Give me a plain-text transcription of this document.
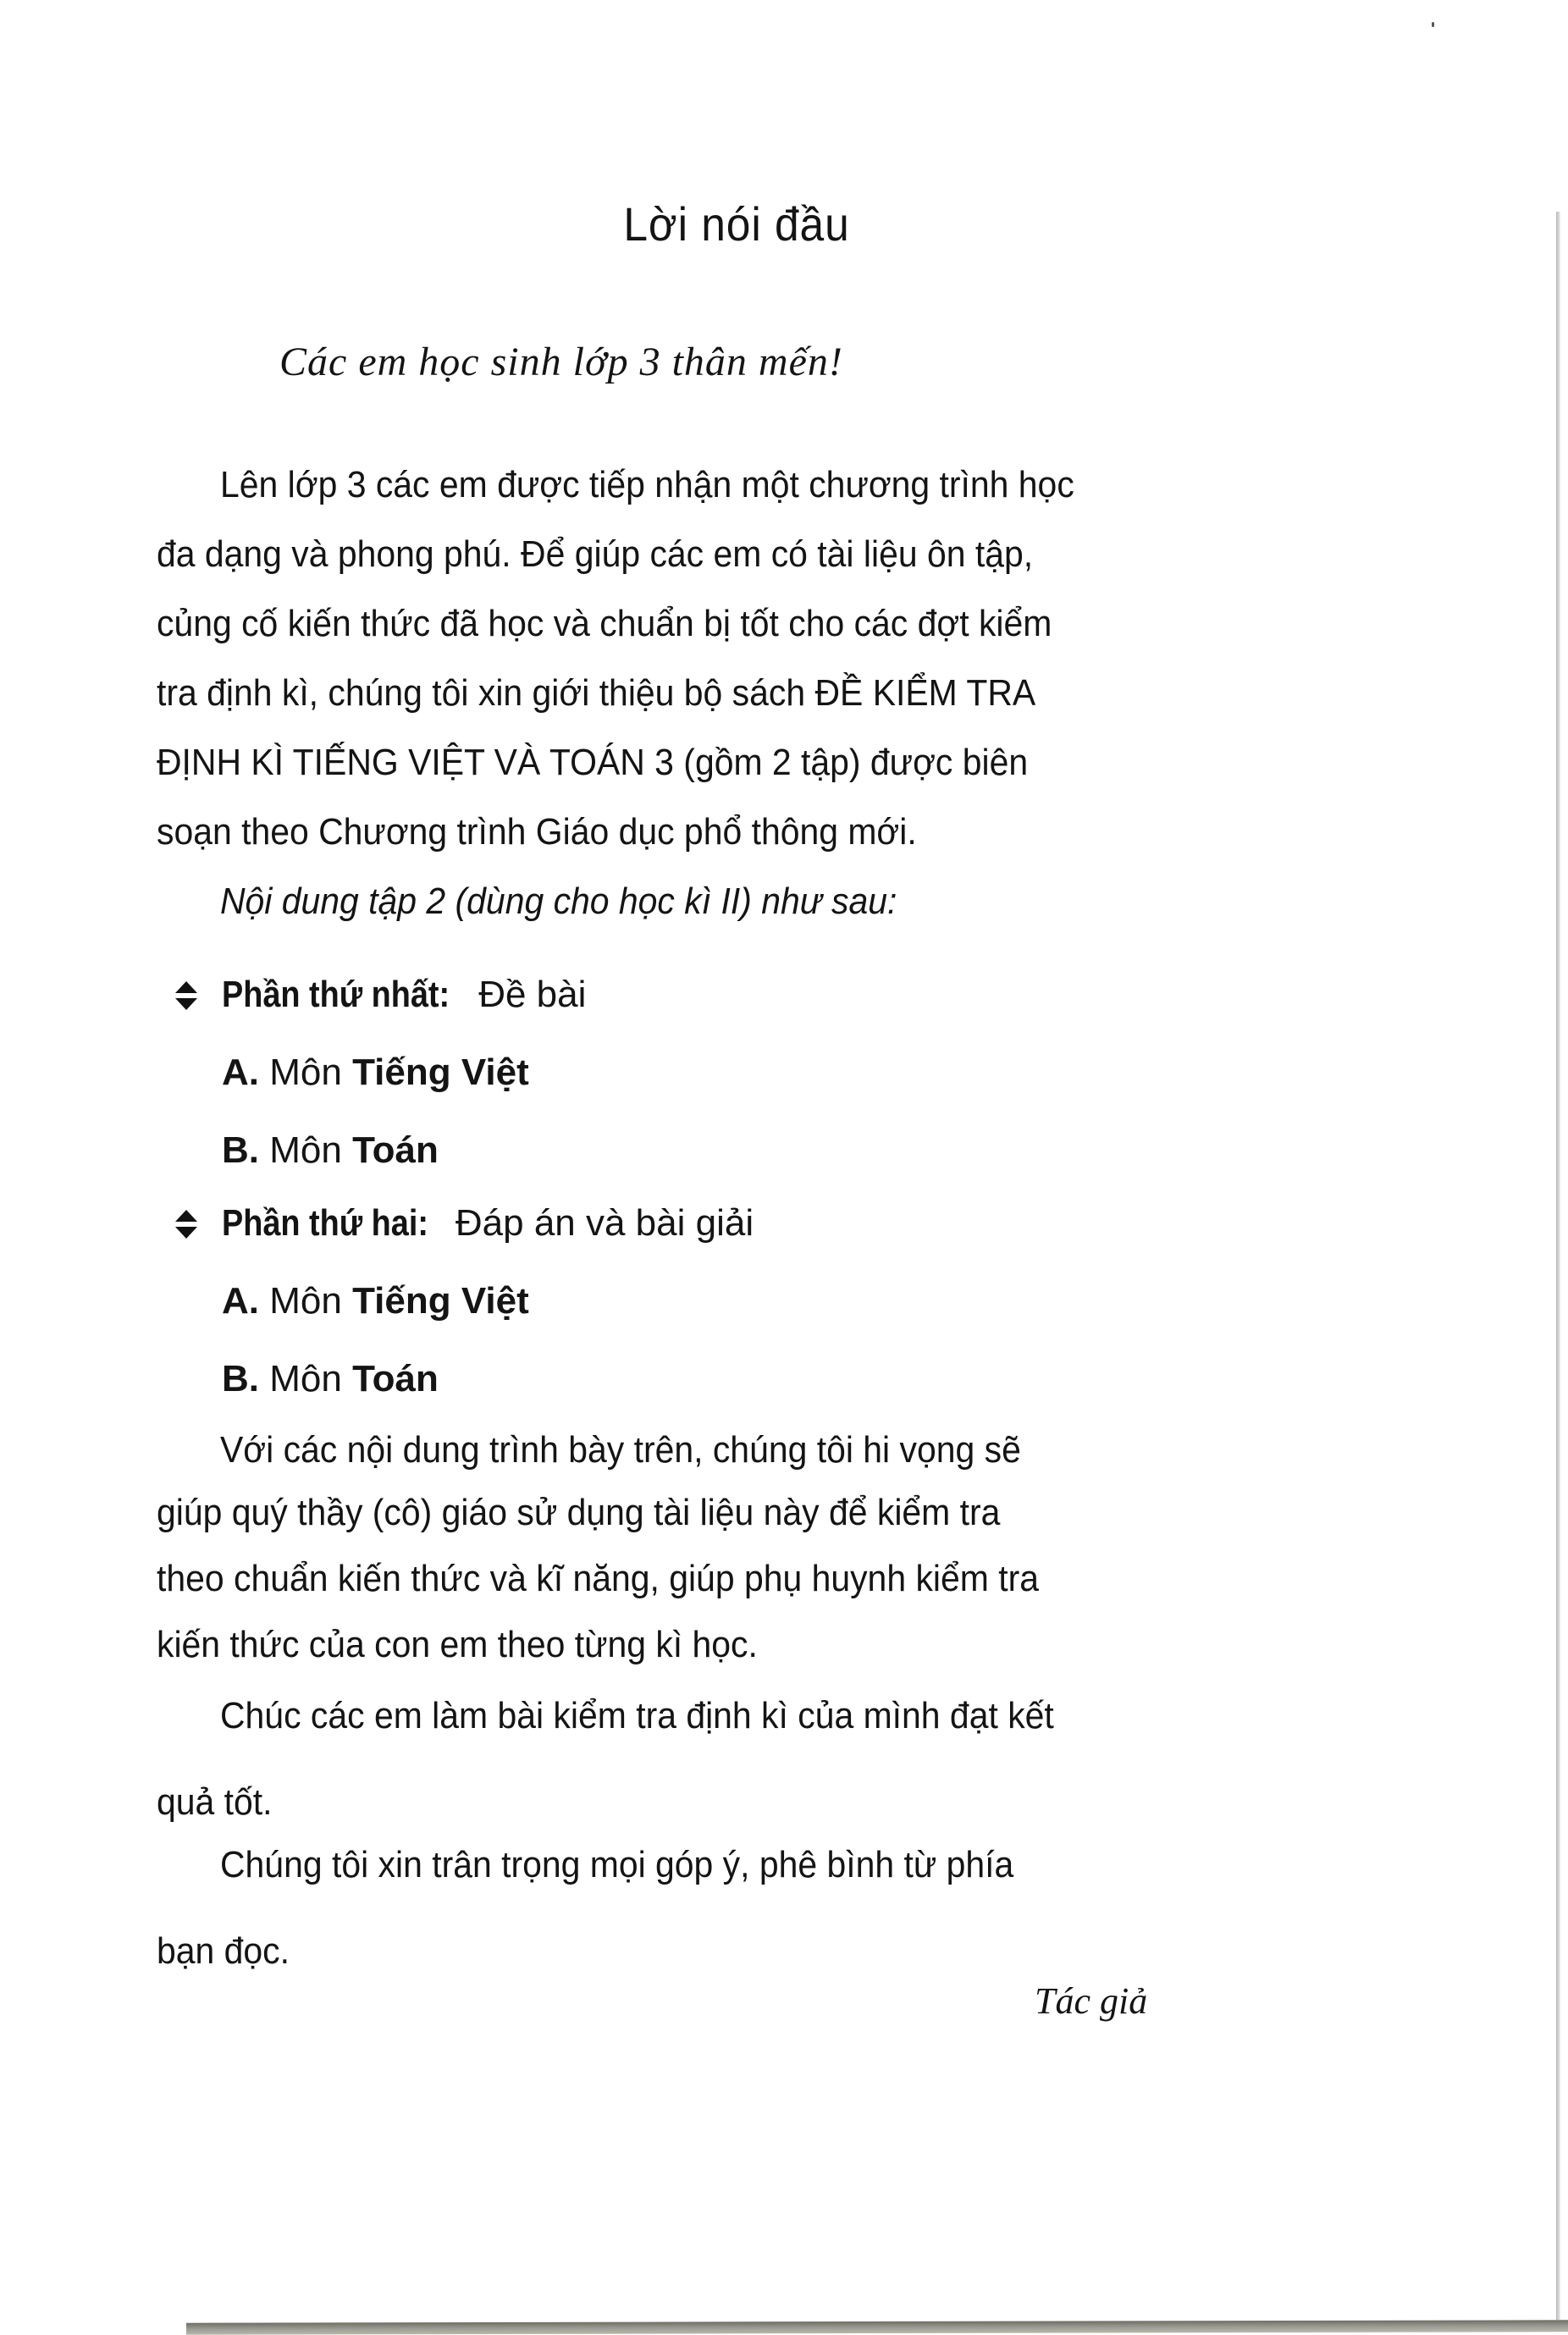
Lời nói đầu
Các em học sinh lớp 3 thân mến!
Lên lớp 3 các em được tiếp nhận một chương trình học
đa dạng và phong phú. Để giúp các em có tài liệu ôn tập,
củng cố kiến thức đã học và chuẩn bị tốt cho các đợt kiểm
tra định kì, chúng tôi xin giới thiệu bộ sách ĐỀ KIỂM TRA
ĐỊNH KÌ TIẾNG VIỆT VÀ TOÁN 3 (gồm 2 tập) được biên
soạn theo Chương trình Giáo dục phổ thông mới.
Nội dung tập 2 (dùng cho học kì II) như sau:
Phần thứ nhất: Đề bài
A. Môn Tiếng Việt
B. Môn Toán
Phần thứ hai: Đáp án và bài giải
A. Môn Tiếng Việt
B. Môn Toán
Với các nội dung trình bày trên, chúng tôi hi vọng sẽ
giúp quý thầy (cô) giáo sử dụng tài liệu này để kiểm tra
theo chuẩn kiến thức và kĩ năng, giúp phụ huynh kiểm tra
kiến thức của con em theo từng kì học.
Chúc các em làm bài kiểm tra định kì của mình đạt kết
quả tốt.
Chúng tôi xin trân trọng mọi góp ý, phê bình từ phía
bạn đọc.
Tác giả
